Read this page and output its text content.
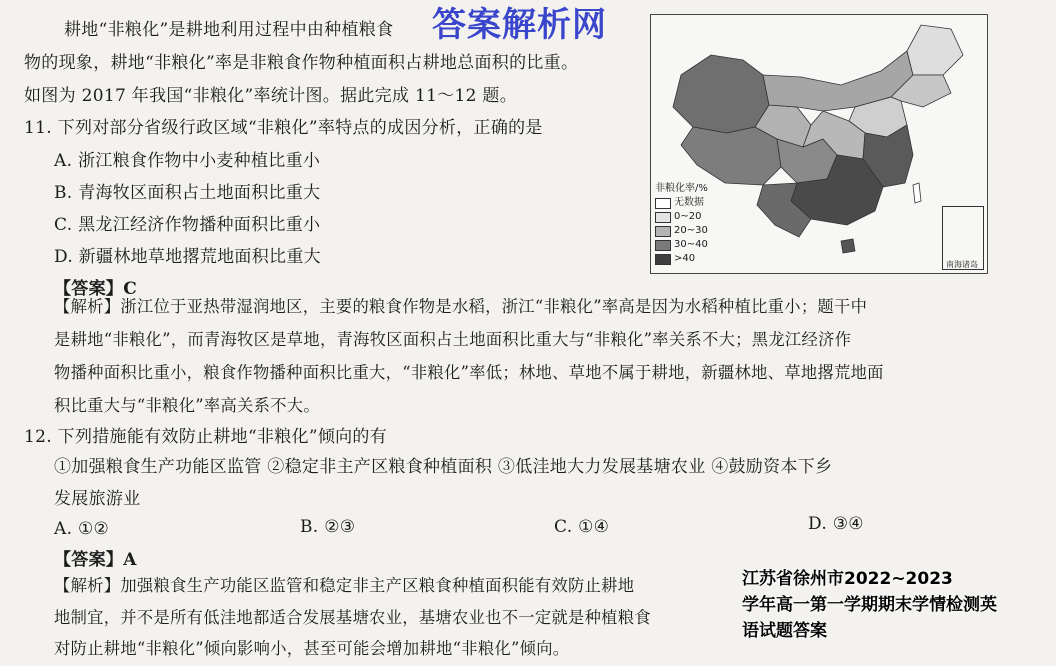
耕地“非粮化”是耕地利用过程中由种植粮食
物的现象，耕地“非粮化”率是非粮食作物种植面积占耕地总面积的比重。
如图为 2017 年我国“非粮化”率统计图。据此完成 11～12 题。
答案解析网
非粮化率/%
无数据
0~20
20~30
30~40
>40
南海诸岛
11. 下列对部分省级行政区域“非粮化”率特点的成因分析，正确的是
A. 浙江粮食作物中小麦种植比重小
B. 青海牧区面积占土地面积比重大
C. 黑龙江经济作物播种面积比重小
D. 新疆林地草地撂荒地面积比重大
【答案】C
【解析】浙江位于亚热带湿润地区，主要的粮食作物是水稻，浙江“非粮化”率高是因为水稻种植比重小；题干中
是耕地“非粮化”，而青海牧区是草地，青海牧区面积占土地面积比重大与“非粮化”率关系不大；黑龙江经济作
物播种面积比重小，粮食作物播种面积比重大，“非粮化”率低；林地、草地不属于耕地，新疆林地、草地撂荒地面
积比重大与“非粮化”率高关系不大。
12. 下列措施能有效防止耕地“非粮化”倾向的有
①加强粮食生产功能区监管 ②稳定非主产区粮食种植面积 ③低洼地大力发展基塘农业 ④鼓励资本下乡
发展旅游业
A. ①②	B. ②③	C. ①④	D. ③④
【答案】A
【解析】加强粮食生产功能区监管和稳定非主产区粮食种植面积能有效防止耕地
地制宜，并不是所有低洼地都适合发展基塘农业，基塘农业也不一定就是种植粮食
对防止耕地“非粮化”倾向影响小，甚至可能会增加耕地“非粮化”倾向。
江苏省徐州市2022~2023
学年高一第一学期期末学情检测英
语试题答案
